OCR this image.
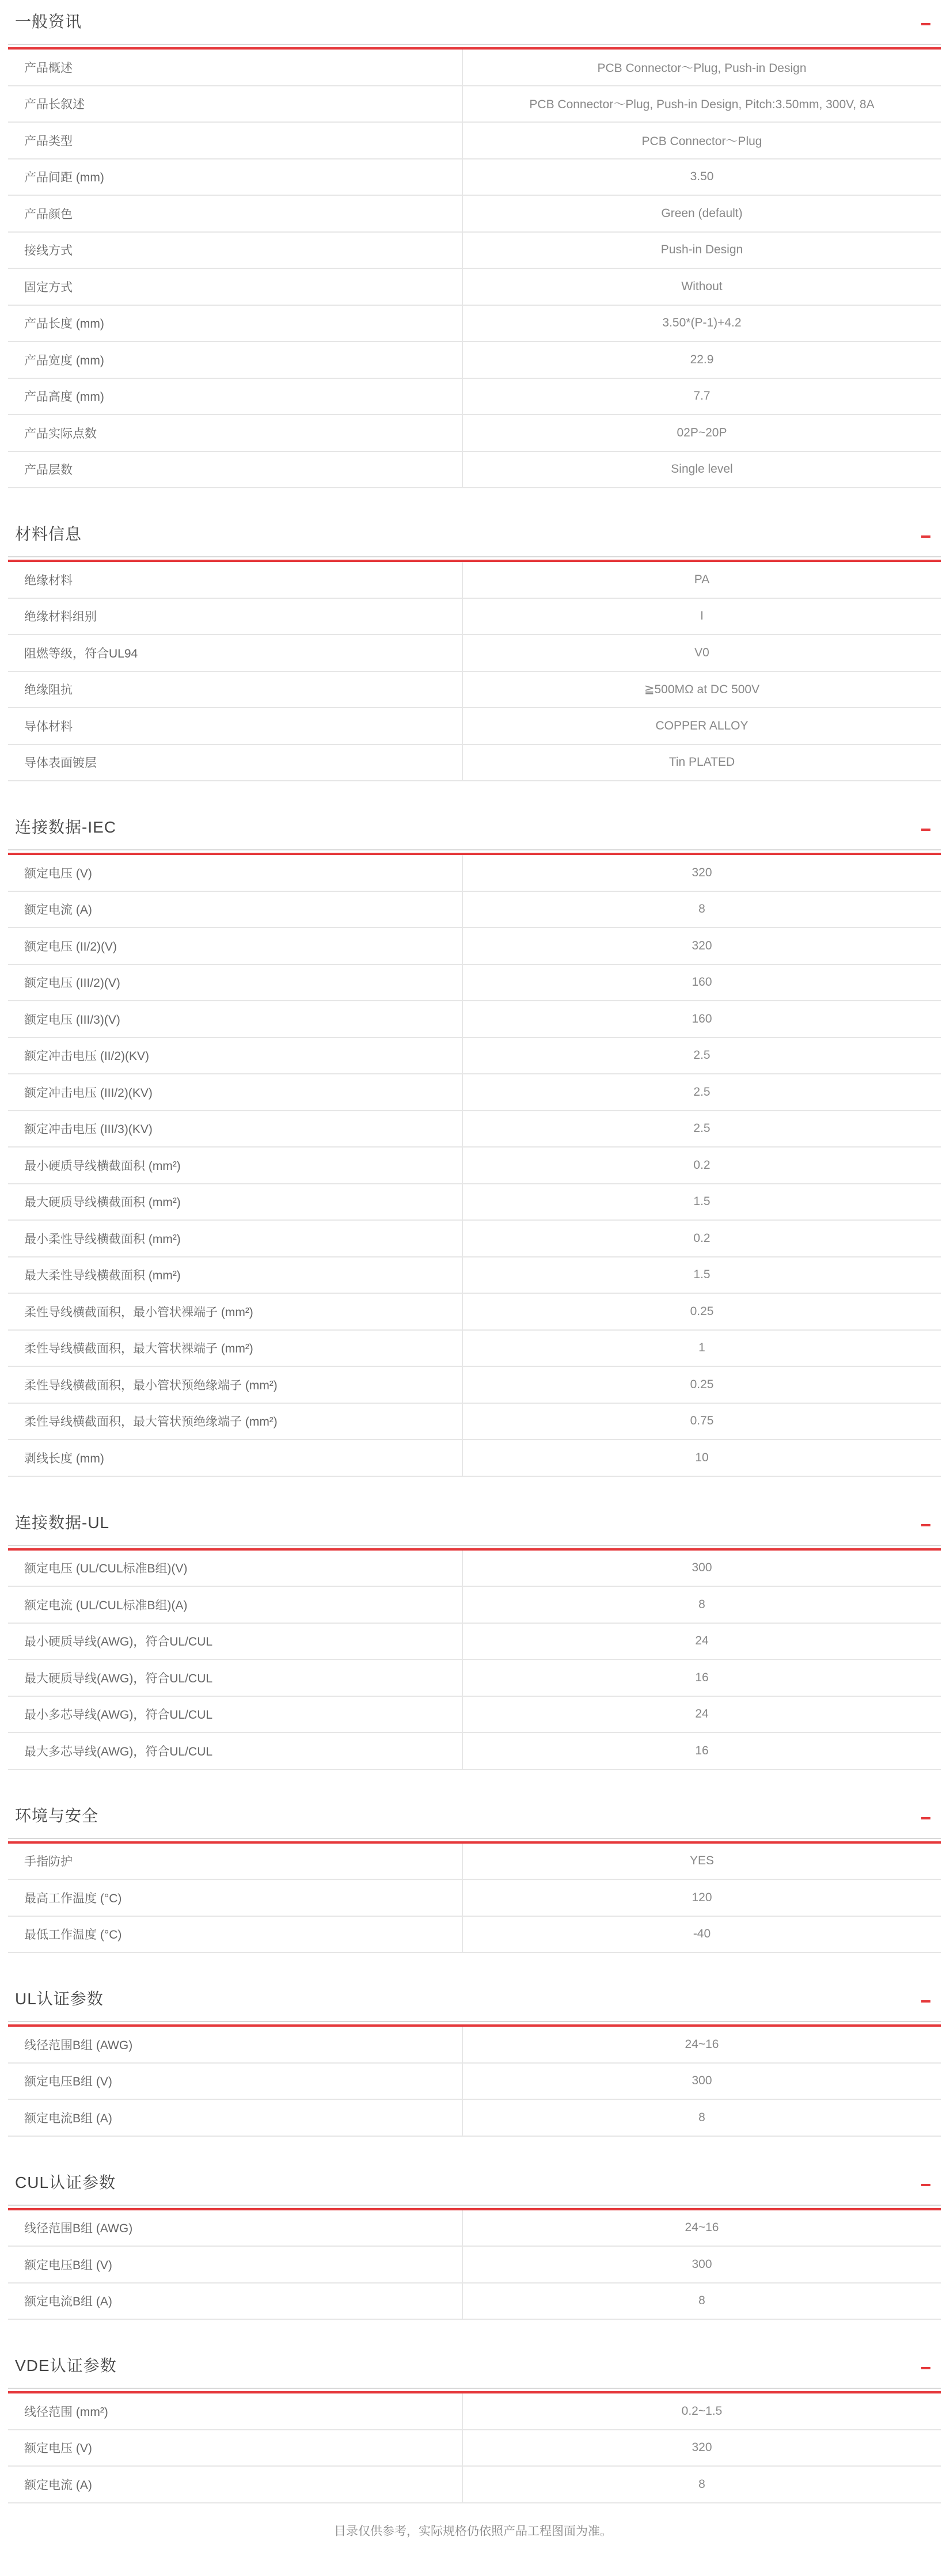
一般资讯
产品概述	PCB Connector～Plug, Push-in Design
产品长叙述	PCB Connector～Plug, Push-in Design, Pitch:3.50mm, 300V, 8A
产品类型	PCB Connector～Plug
产品间距 (mm)	3.50
产品颜色	Green (default)
接线方式	Push-in Design
固定方式	Without
产品长度 (mm)	3.50*(P-1)+4.2
产品宽度 (mm)	22.9
产品高度 (mm)	7.7
产品实际点数	02P~20P
产品层数	Single level
材料信息
绝缘材料	PA
绝缘材料组别	I
阻燃等级，符合UL94	V0
绝缘阻抗	≧500MΩ at DC 500V
导体材料	COPPER ALLOY
导体表面镀层	Tin PLATED
连接数据-IEC
额定电压 (V)	320
额定电流 (A)	8
额定电压 (II/2)(V)	320
额定电压 (III/2)(V)	160
额定电压 (III/3)(V)	160
额定冲击电压 (II/2)(KV)	2.5
额定冲击电压 (III/2)(KV)	2.5
额定冲击电压 (III/3)(KV)	2.5
最小硬质导线横截面积 (mm²)	0.2
最大硬质导线横截面积 (mm²)	1.5
最小柔性导线横截面积 (mm²)	0.2
最大柔性导线横截面积 (mm²)	1.5
柔性导线横截面积，最小管状裸端子 (mm²)	0.25
柔性导线横截面积，最大管状裸端子 (mm²)	1
柔性导线横截面积，最小管状预绝缘端子 (mm²)	0.25
柔性导线横截面积，最大管状预绝缘端子 (mm²)	0.75
剥线长度 (mm)	10
连接数据-UL
额定电压 (UL/CUL标准B组)(V)	300
额定电流 (UL/CUL标准B组)(A)	8
最小硬质导线(AWG)，符合UL/CUL	24
最大硬质导线(AWG)，符合UL/CUL	16
最小多芯导线(AWG)，符合UL/CUL	24
最大多芯导线(AWG)，符合UL/CUL	16
环境与安全
手指防护	YES
最高工作温度 (°C)	120
最低工作温度 (°C)	-40
UL认证参数
线径范围B组 (AWG)	24~16
额定电压B组 (V)	300
额定电流B组 (A)	8
CUL认证参数
线径范围B组 (AWG)	24~16
额定电压B组 (V)	300
额定电流B组 (A)	8
VDE认证参数
线径范围 (mm²)	0.2~1.5
额定电压 (V)	320
额定电流 (A)	8
目录仅供参考，实际规格仍依照产品工程图面为准。
